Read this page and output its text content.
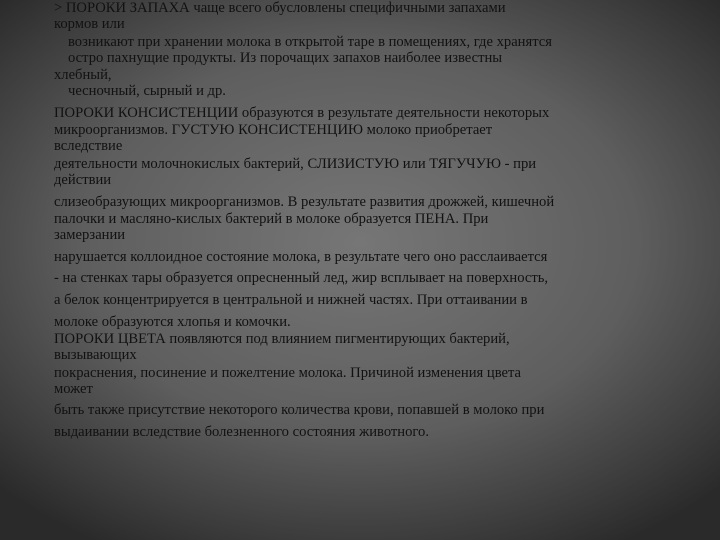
> ПОРОКИ ЗАПАХА чаще всего обусловлены специфичными запахами
кормов или
возникают при хранении молока в открытой таре в помещениях, где хранятся
остро пахнущие продукты. Из порочащих запахов наиболее известны
хлебный,
чесночный, сырный и др.
ПОРОКИ КОНСИСТЕНЦИИ образуются в результате деятельности некоторых
микроорганизмов. ГУСТУЮ КОНСИСТЕНЦИЮ молоко приобретает
вследствие
деятельности молочнокислых бактерий, СЛИЗИСТУЮ или ТЯГУЧУЮ - при
действии
слизеобразующих микроорганизмов. В результате развития дрожжей, кишечной
палочки и масляно-кислых бактерий в молоке образуется ПЕНА. При
замерзании
нарушается коллоидное состояние молока, в результате чего оно расслаивается
- на стенках тары образуется опресненный лед, жир всплывает на поверхность,
а белок концентрируется в центральной и нижней частях. При оттаивании в
молоке образуются хлопья и комочки.
ПОРОКИ ЦВЕТА появляются под влиянием пигментирующих бактерий,
вызывающих
покраснения, посинение и пожелтение молока. Причиной изменения цвета
может
быть также присутствие некоторого количества крови, попавшей в молоко при
выдаивании вследствие болезненного состояния животного.
